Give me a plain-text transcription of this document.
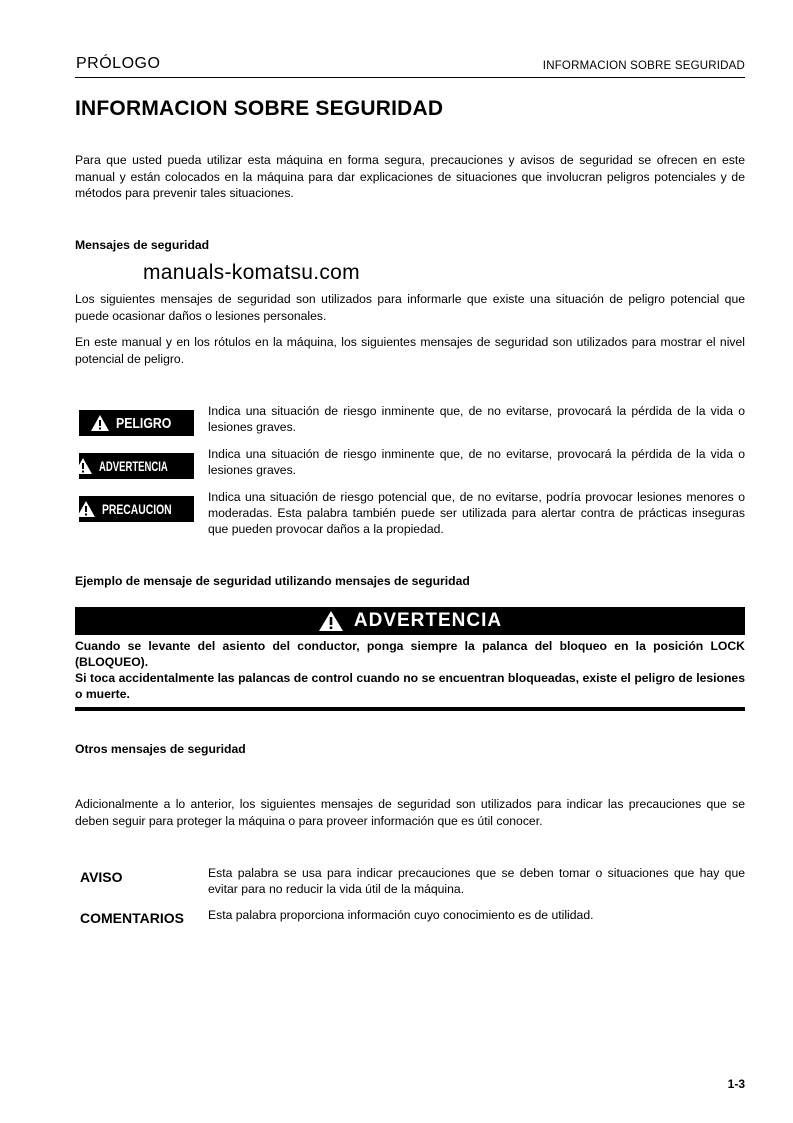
PRÓLOGO	INFORMACION SOBRE SEGURIDAD
INFORMACION SOBRE SEGURIDAD

Para que usted pueda utilizar esta máquina en forma segura, precauciones y avisos de seguridad se ofrecen en este manual y están colocados en la máquina para dar explicaciones de situaciones que involucran peligros potenciales y de métodos para prevenir tales situaciones.

Mensajes de seguridad
manuals-komatsu.com

Los siguientes mensajes de seguridad son utilizados para informarle que existe una situación de peligro potencial que puede ocasionar daños o lesiones personales.

En este manual y en los rótulos en la máquina, los siguientes mensajes de seguridad son utilizados para mostrar el nivel potencial de peligro.

PELIGRO

Indica una situación de riesgo inminente que, de no evitarse, provocará la pérdida de la vida o lesiones graves.

ADVERTENCIA

Indica una situación de riesgo inminente que, de no evitarse, provocará la pérdida de la vida o lesiones graves.

PRECAUCION

Indica una situación de riesgo potencial que, de no evitarse, podría provocar lesiones menores o moderadas. Esta palabra también puede ser utilizada para alertar contra de prácticas inseguras que pueden provocar daños a la propiedad.

Ejemplo de mensaje de seguridad utilizando mensajes de seguridad
ADVERTENCIA
Cuando se levante del asiento del conductor, ponga siempre la palanca del bloqueo en la posición LOCK (BLOQUEO).
Si toca accidentalmente las palancas de control cuando no se encuentran bloqueadas, existe el peligro de lesiones o muerte.
Otros mensajes de seguridad

Adicionalmente a lo anterior, los siguientes mensajes de seguridad son utilizados para indicar las precauciones que se deben seguir para proteger la máquina o para proveer información que es útil conocer.

AVISO	Esta palabra se usa para indicar precauciones que se deben tomar o situaciones que hay que evitar para no reducir la vida útil de la máquina.

COMENTARIOS Esta palabra proporciona información cuyo conocimiento es de utilidad.

1-3
